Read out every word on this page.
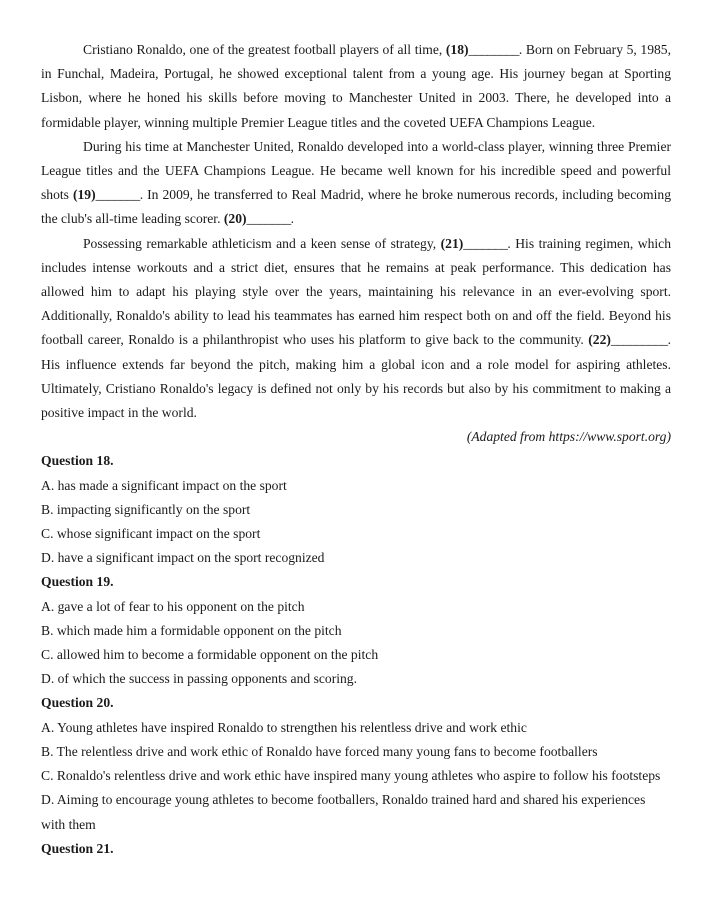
Cristiano Ronaldo, one of the greatest football players of all time, (18)________. Born on February 5, 1985, in Funchal, Madeira, Portugal, he showed exceptional talent from a young age. His journey began at Sporting Lisbon, where he honed his skills before moving to Manchester United in 2003. There, he developed into a formidable player, winning multiple Premier League titles and the coveted UEFA Champions League.

During his time at Manchester United, Ronaldo developed into a world-class player, winning three Premier League titles and the UEFA Champions League. He became well known for his incredible speed and powerful shots (19)_______. In 2009, he transferred to Real Madrid, where he broke numerous records, including becoming the club's all-time leading scorer. (20)_______.

Possessing remarkable athleticism and a keen sense of strategy, (21)_______. His training regimen, which includes intense workouts and a strict diet, ensures that he remains at peak performance. This dedication has allowed him to adapt his playing style over the years, maintaining his relevance in an ever-evolving sport. Additionally, Ronaldo's ability to lead his teammates has earned him respect both on and off the field. Beyond his football career, Ronaldo is a philanthropist who uses his platform to give back to the community. (22)_________. His influence extends far beyond the pitch, making him a global icon and a role model for aspiring athletes. Ultimately, Cristiano Ronaldo's legacy is defined not only by his records but also by his commitment to making a positive impact in the world.

(Adapted from https://www.sport.org)

Question 18.

A. has made a significant impact on the sport

B. impacting significantly on the sport

C. whose significant impact on the sport

D. have a significant impact on the sport recognized

Question 19.

A. gave a lot of fear to his opponent on the pitch

B. which made him a formidable opponent on the pitch

C. allowed him to become a formidable opponent on the pitch

D. of which the success in passing opponents and scoring.

Question 20.

A. Young athletes have inspired Ronaldo to strengthen his relentless drive and work ethic

B. The relentless drive and work ethic of Ronaldo have forced many young fans to become footballers

C. Ronaldo's relentless drive and work ethic have inspired many young athletes who aspire to follow his footsteps

D. Aiming to encourage young athletes to become footballers, Ronaldo trained hard and shared his experiences with them

Question 21.
